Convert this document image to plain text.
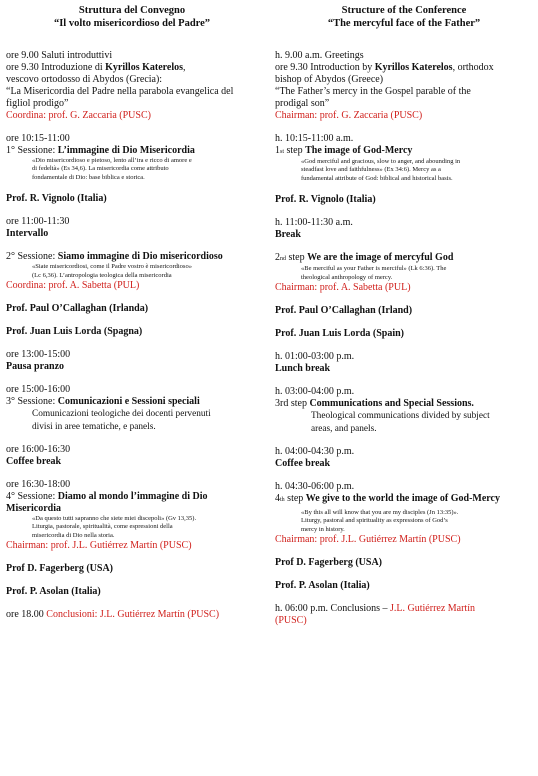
Struttura del Convegno
“Il volto misericordioso del Padre”
ore 9.00 Saluti introduttivi
ore 9.30 Introduzione di Kyrillos Katerelos,
vescovo ortodosso di Abydos (Grecia):
“La Misericordia del Padre nella parabola evangelica del
figliol prodigo”
Coordina: prof. G. Zaccaria (PUSC)
ore 10:15-11:00
1° Sessione: L’immagine di Dio Misericordia
«Dio misericordioso e pietoso, lento all’ira e ricco di amore e
di fedeltà» (Es 34,6). La misericordia come attributo
fondamentale di Dio: base biblica e storica.
Prof. R. Vignolo (Italia)
ore 11:00-11:30
Intervallo
2° Sessione: Siamo immagine di Dio misericordioso
«Siate misericordiosi, come il Padre vostro è misericordioso»
(Lc 6,36). L’antropologia teologica della misericordia
Coordina: prof. A. Sabetta (PUL)
Prof. Paul O’Callaghan (Irlanda)
Prof. Juan Luis Lorda (Spagna)
ore 13:00-15:00
Pausa pranzo
ore 15:00-16:00
3° Sessione: Comunicazioni e Sessioni speciali
Comunicazioni teologiche dei docenti pervenuti
divisi in aree tematiche, e panels.
ore 16:00-16:30
Coffee break
ore 16:30-18:00
4° Sessione: Diamo al mondo l’immagine di Dio
Misericordia
«Da questo tutti sapranno che siete miei discepoli» (Gv 13,35).
Liturgia, pastorale, spiritualità, come espressioni della
misericordia di Dio nella storia.
Chairman: prof. J.L. Gutiérrez Martín (PUSC)
Prof D. Fagerberg (USA)
Prof. P. Asolan (Italia)
ore 18.00 Conclusioni: J.L. Gutiérrez Martín (PUSC)
Structure of the Conference
“The mercyful face of the Father”
h. 9.00 a.m. Greetings
ore 9.30 Introduction by Kyrillos Katerelos, orthodox
bishop of Abydos (Greece)
“The Father’s mercy in the Gospel parable of the
prodigal son”
Chairman: prof. G. Zaccaria (PUSC)
h. 10:15-11:00 a.m.
1st step The image of God-Mercy
«God merciful and gracious, slow to anger, and abounding in
steadfast love and faithfulness» (Ex 34:6). Mercy as a
fundamental attribute of God: biblical and historical basis.
Prof. R. Vignolo (Italia)
h. 11:00-11:30 a.m.
Break
2nd step We are the image of mercyful God
«Be merciful as your Father is merciful» (Lk 6:36). The
theological anthropology of mercy.
Chairman: prof. A. Sabetta (PUL)
Prof. Paul O’Callaghan (Irland)
Prof. Juan Luis Lorda (Spain)
h. 01:00-03:00 p.m.
Lunch break
h. 03:00-04:00 p.m.
3rd step Communications and Special Sessions.
Theological communications divided by subject
areas, and panels.
h. 04:00-04:30 p.m.
Coffee break
h. 04:30-06:00 p.m.
4th step We give to the world the image of God-Mercy
«By this all will know that you are my disciples (Jn 13:35)».
Liturgy, pastoral and spirituality as expressions of God’s
mercy in history.
Chairman: prof. J.L. Gutiérrez Martín (PUSC)
Prof D. Fagerberg (USA)
Prof. P. Asolan (Italia)
h. 06:00 p.m. Conclusions – J.L. Gutiérrez Martín
(PUSC)
